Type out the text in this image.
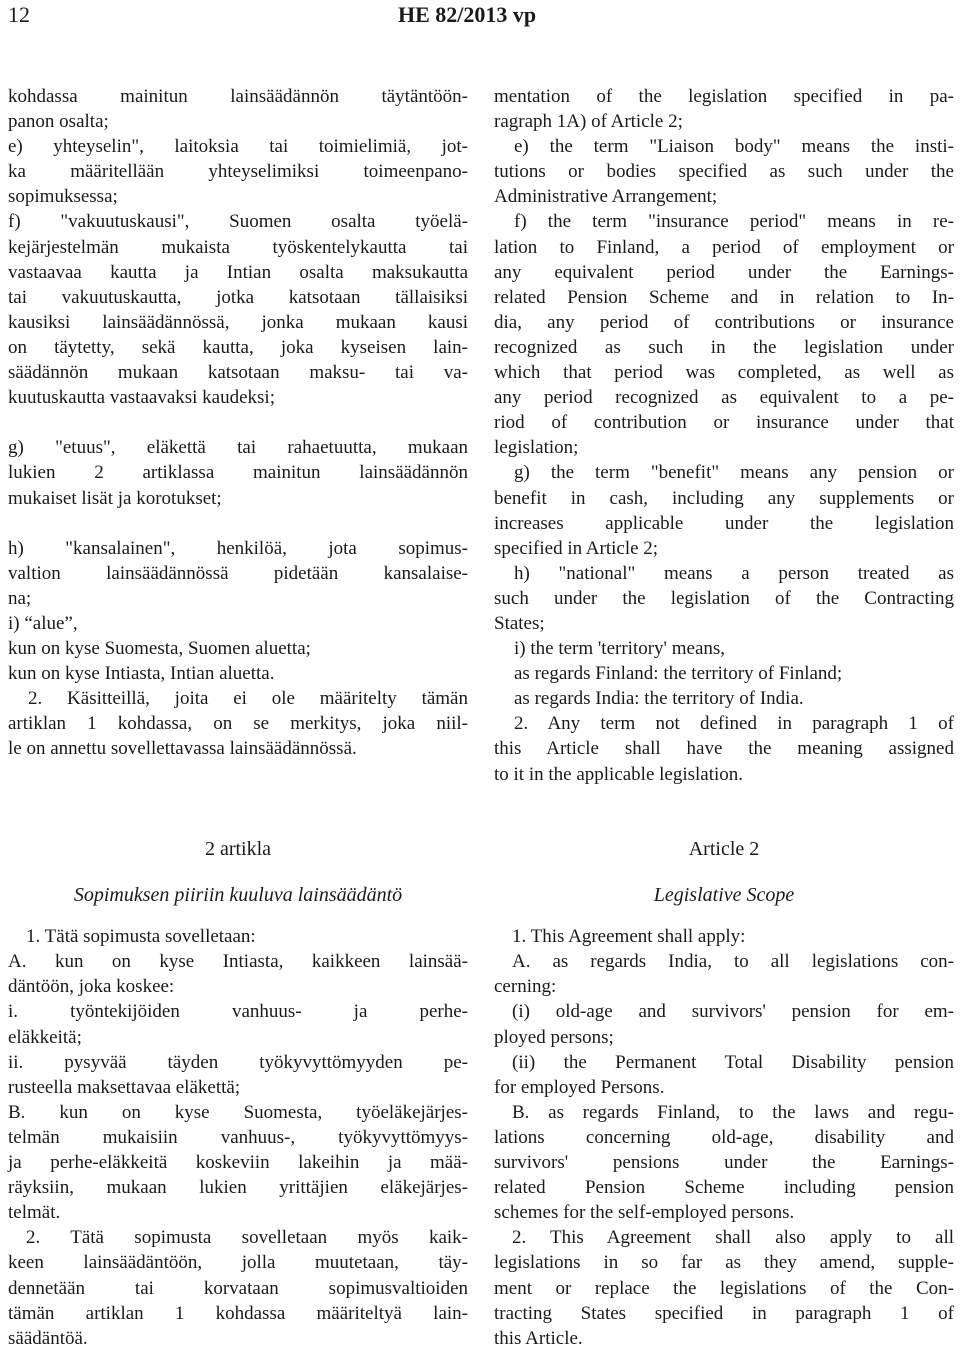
12	HE 82/2013 vp
kohdassa mainitun lainsäädännön täytäntöön-
panon osalta;
e) yhteyselin", laitoksia tai toimielimiä, jot-
ka määritellään yhteyselimiksi toimeenpano-
sopimuksessa;
f) "vakuutuskausi", Suomen osalta työelä-
kejärjestelmän mukaista työskentelykautta tai
vastaavaa kautta ja Intian osalta maksukautta
tai vakuutuskautta, jotka katsotaan tällaisiksi
kausiksi lainsäädännössä, jonka mukaan kausi
on täytetty, sekä kautta, joka kyseisen lain-
säädännön mukaan katsotaan maksu- tai va-
kuutuskautta vastaavaksi kaudeksi;
g) "etuus", eläkettä tai rahaetuutta, mukaan
lukien 2 artiklassa mainitun lainsäädännön
mukaiset lisät ja korotukset;
h) "kansalainen", henkilöä, jota sopimus-
valtion lainsäädännössä pidetään kansalaise-
na;
i) “alue”,
kun on kyse Suomesta, Suomen aluetta;
kun on kyse Intiasta, Intian aluetta.
2. Käsitteillä, joita ei ole määritelty tämän
artiklan 1 kohdassa, on se merkitys, joka niil-
le on annettu sovellettavassa lainsäädännössä.
mentation of the legislation specified in pa-
ragraph 1A) of Article 2;
e) the term "Liaison body" means the insti-
tutions or bodies specified as such under the
Administrative Arrangement;
f) the term "insurance period" means in re-
lation to Finland, a period of employment or
any equivalent period under the Earnings-
related Pension Scheme and in relation to In-
dia, any period of contributions or insurance
recognized as such in the legislation under
which that period was completed, as well as
any period recognized as equivalent to a pe-
riod of contribution or insurance under that
legislation;
g) the term "benefit" means any pension or
benefit in cash, including any supplements or
increases applicable under the legislation
specified in Article 2;
h) "national" means a person treated as
such under the legislation of the Contracting
States;
i) the term 'territory' means,
as regards Finland: the territory of Finland;
as regards India: the territory of India.
2. Any term not defined in paragraph 1 of
this Article shall have the meaning assigned
to it in the applicable legislation.
2 artikla
Sopimuksen piiriin kuuluva lainsäädäntö
1. Tätä sopimusta sovelletaan:
A. kun on kyse Intiasta, kaikkeen lainsää-
däntöön, joka koskee:
i. työntekijöiden vanhuus- ja perhe-
eläkkeitä;
ii. pysyvää täyden työkyvyttömyyden pe-
rusteella maksettavaa eläkettä;
B. kun on kyse Suomesta, työeläkejärjes-
telmän mukaisiin vanhuus-, työkyvyttömyys-
ja perhe-eläkkeitä koskeviin lakeihin ja mää-
räyksiin, mukaan lukien yrittäjien eläkejärjes-
telmät.
2. Tätä sopimusta sovelletaan myös kaik-
keen lainsäädäntöön, jolla muutetaan, täy-
dennetään tai korvataan sopimusvaltioiden
tämän artiklan 1 kohdassa määriteltyä lain-
säädäntöä.
Article 2
Legislative Scope
1. This Agreement shall apply:
A. as regards India, to all legislations con-
cerning:
(i) old-age and survivors' pension for em-
ployed persons;
(ii) the Permanent Total Disability pension
for employed Persons.
B. as regards Finland, to the laws and regu-
lations concerning old-age, disability and
survivors' pensions under the Earnings-
related Pension Scheme including pension
schemes for the self-employed persons.
2. This Agreement shall also apply to all
legislations in so far as they amend, supple-
ment or replace the legislations of the Con-
tracting States specified in paragraph 1 of
this Article.
